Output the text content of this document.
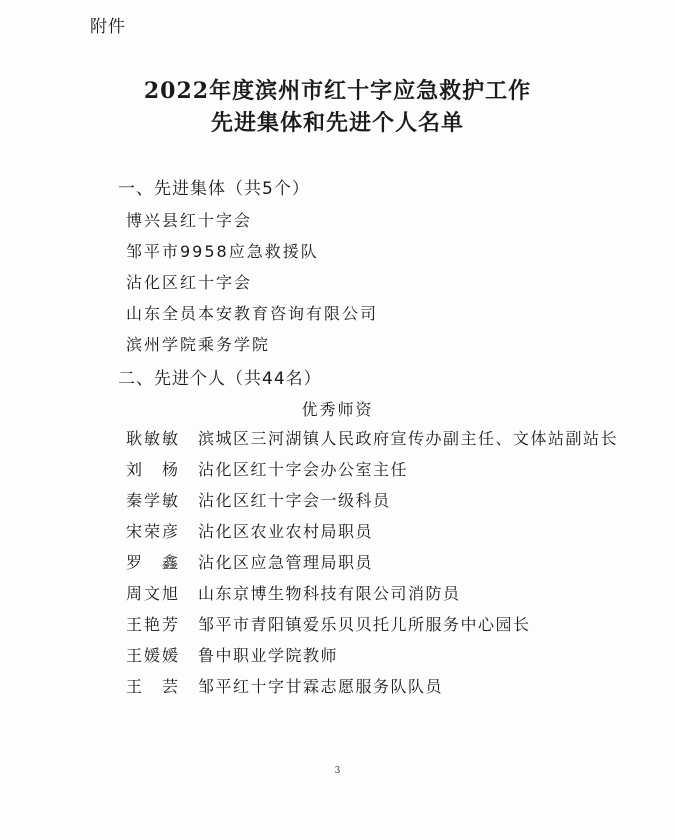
附件
2022年度滨州市红十字应急救护工作
先进集体和先进个人名单
一、先进集体（共5个）
博兴县红十字会
邹平市9958应急救援队
沾化区红十字会
山东全员本安教育咨询有限公司
滨州学院乘务学院
二、先进个人（共44名）
优秀师资
耿敏敏 滨城区三河湖镇人民政府宣传办副主任、文体站副站长
刘　杨 沾化区红十字会办公室主任
秦学敏 沾化区红十字会一级科员
宋荣彦 沾化区农业农村局职员
罗　鑫 沾化区应急管理局职员
周文旭 山东京博生物科技有限公司消防员
王艳芳 邹平市青阳镇爱乐贝贝托儿所服务中心园长
王媛媛 鲁中职业学院教师
王　芸 邹平红十字甘霖志愿服务队队员
3
